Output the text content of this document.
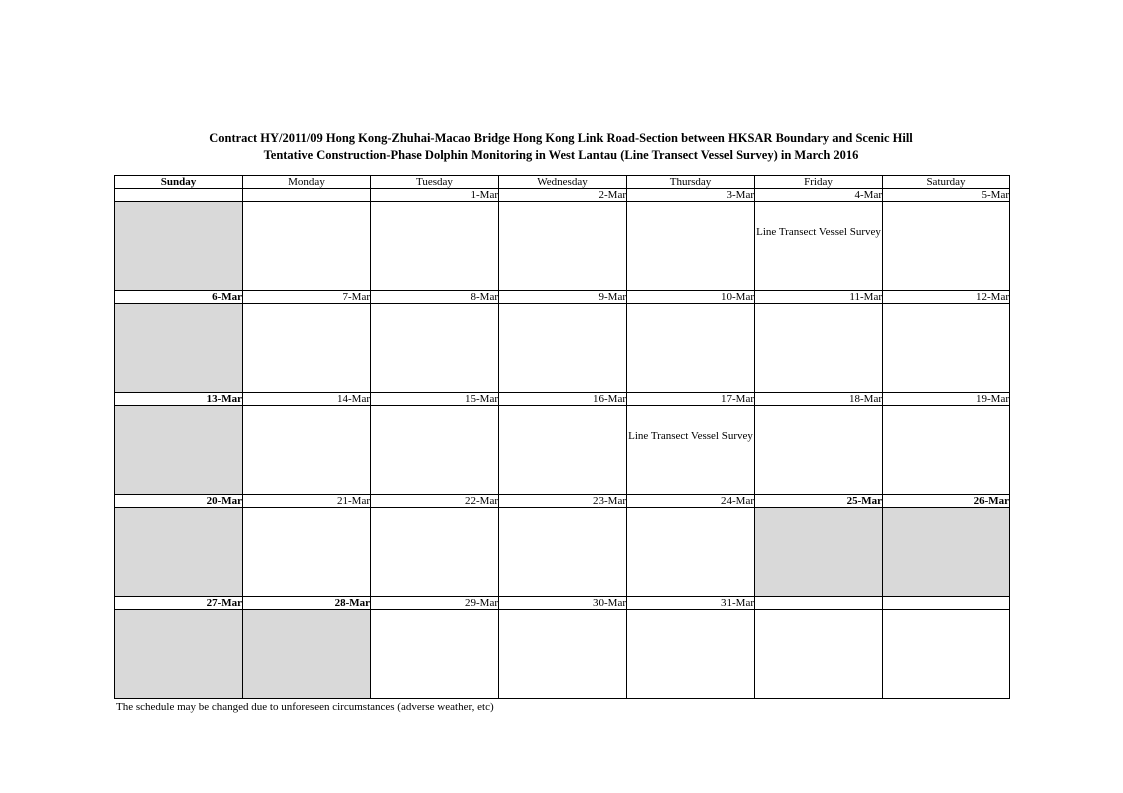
Contract HY/2011/09 Hong Kong-Zhuhai-Macao Bridge Hong Kong Link Road-Section between HKSAR Boundary and Scenic Hill
Tentative Construction-Phase Dolphin Monitoring in West Lantau (Line Transect Vessel Survey) in March 2016
Sunday	Monday	Tuesday	Wednesday	Thursday	Friday	Saturday
		1-Mar	2-Mar	3-Mar	4-Mar	5-Mar

					Line Transect Vessel Survey	

6-Mar	7-Mar	8-Mar	9-Mar	10-Mar	11-Mar	12-Mar

13-Mar	14-Mar	15-Mar	16-Mar	17-Mar	18-Mar	19-Mar

				Line Transect Vessel Survey		

20-Mar	21-Mar	22-Mar	23-Mar	24-Mar	25-Mar	26-Mar

27-Mar	28-Mar	29-Mar	30-Mar	31-Mar		

The schedule may be changed due to unforeseen circumstances (adverse weather, etc)
